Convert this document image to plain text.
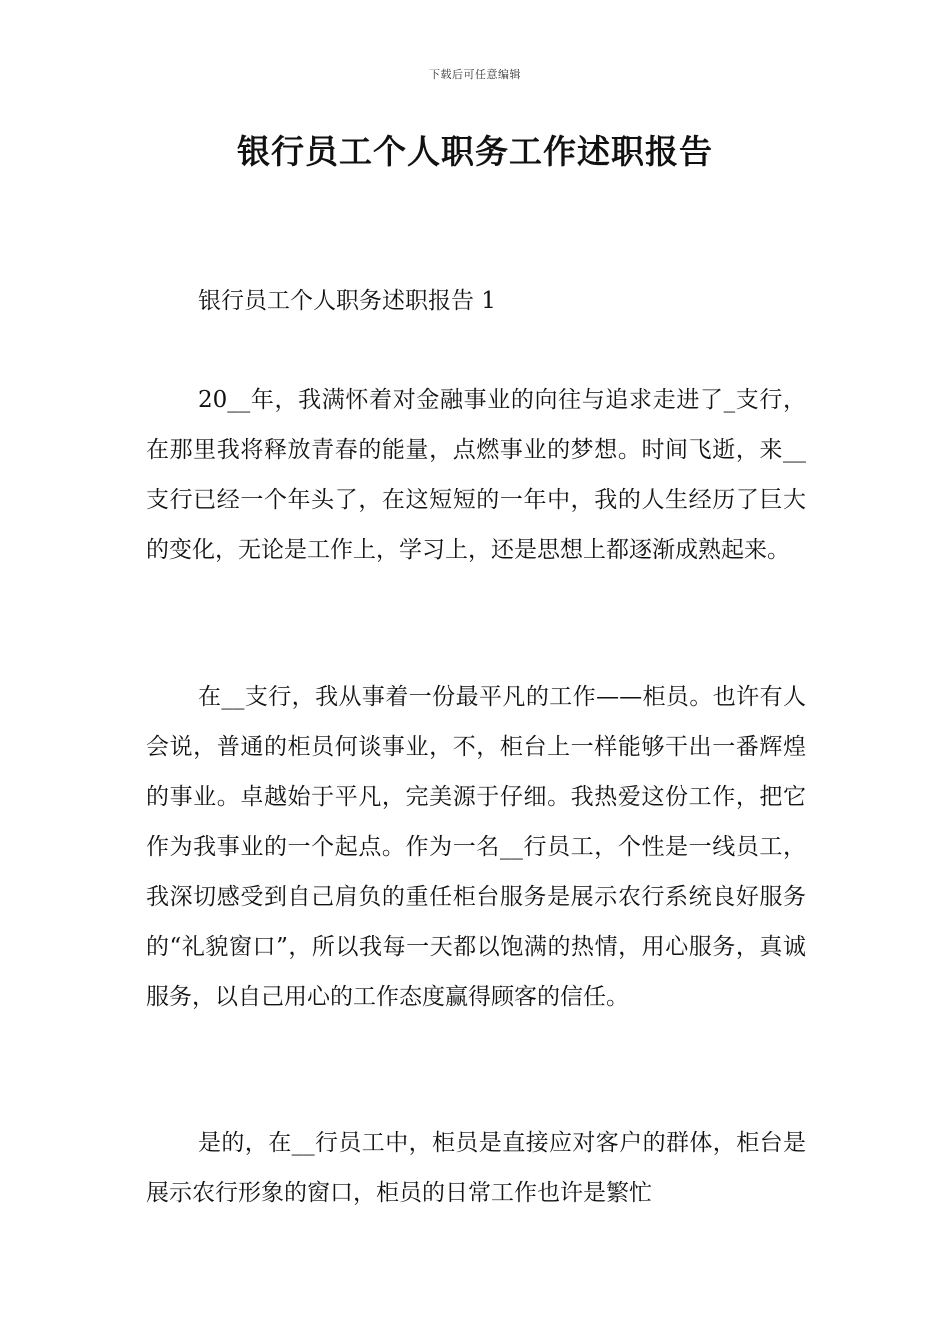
下载后可任意编辑
银行员工个人职务工作述职报告
银行员工个人职务述职报告 1

20__年，我满怀着对金融事业的向往与追求走进了_支行，在那里我将释放青春的能量，点燃事业的梦想。时间飞逝，来__支行已经一个年头了，在这短短的一年中，我的人生经历了巨大的变化，无论是工作上，学习上，还是思想上都逐渐成熟起来。

在__支行，我从事着一份最平凡的工作——柜员。也许有人会说，普通的柜员何谈事业，不，柜台上一样能够干出一番辉煌的事业。卓越始于平凡，完美源于仔细。我热爱这份工作，把它作为我事业的一个起点。作为一名__行员工，个性是一线员工，我深切感受到自己肩负的重任柜台服务是展示农行系统良好服务的“礼貌窗口”，所以我每一天都以饱满的热情，用心服务，真诚服务，以自己用心的工作态度赢得顾客的信任。

是的，在__行员工中，柜员是直接应对客户的群体，柜台是展示农行形象的窗口，柜员的日常工作也许是繁忙
